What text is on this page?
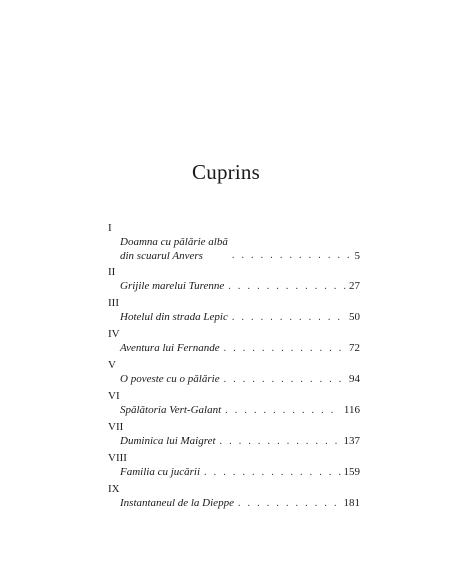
Cuprins
I
Doamna cu pălărie albă
din scuarul Anvers . . .	5
II
Grijile marelui Turenne . . .	27
III
Hotelul din strada Lepic . . .	50
IV
Aventura lui Fernande . . .	72
V
O poveste cu o pălărie . . .	94
VI
Spălătoria Vert-Galant . . .	116
VII
Duminica lui Maigret . . .	137
VIII
Familia cu jucării . . .	159
IX
Instantaneul de la Dieppe . . .	181
